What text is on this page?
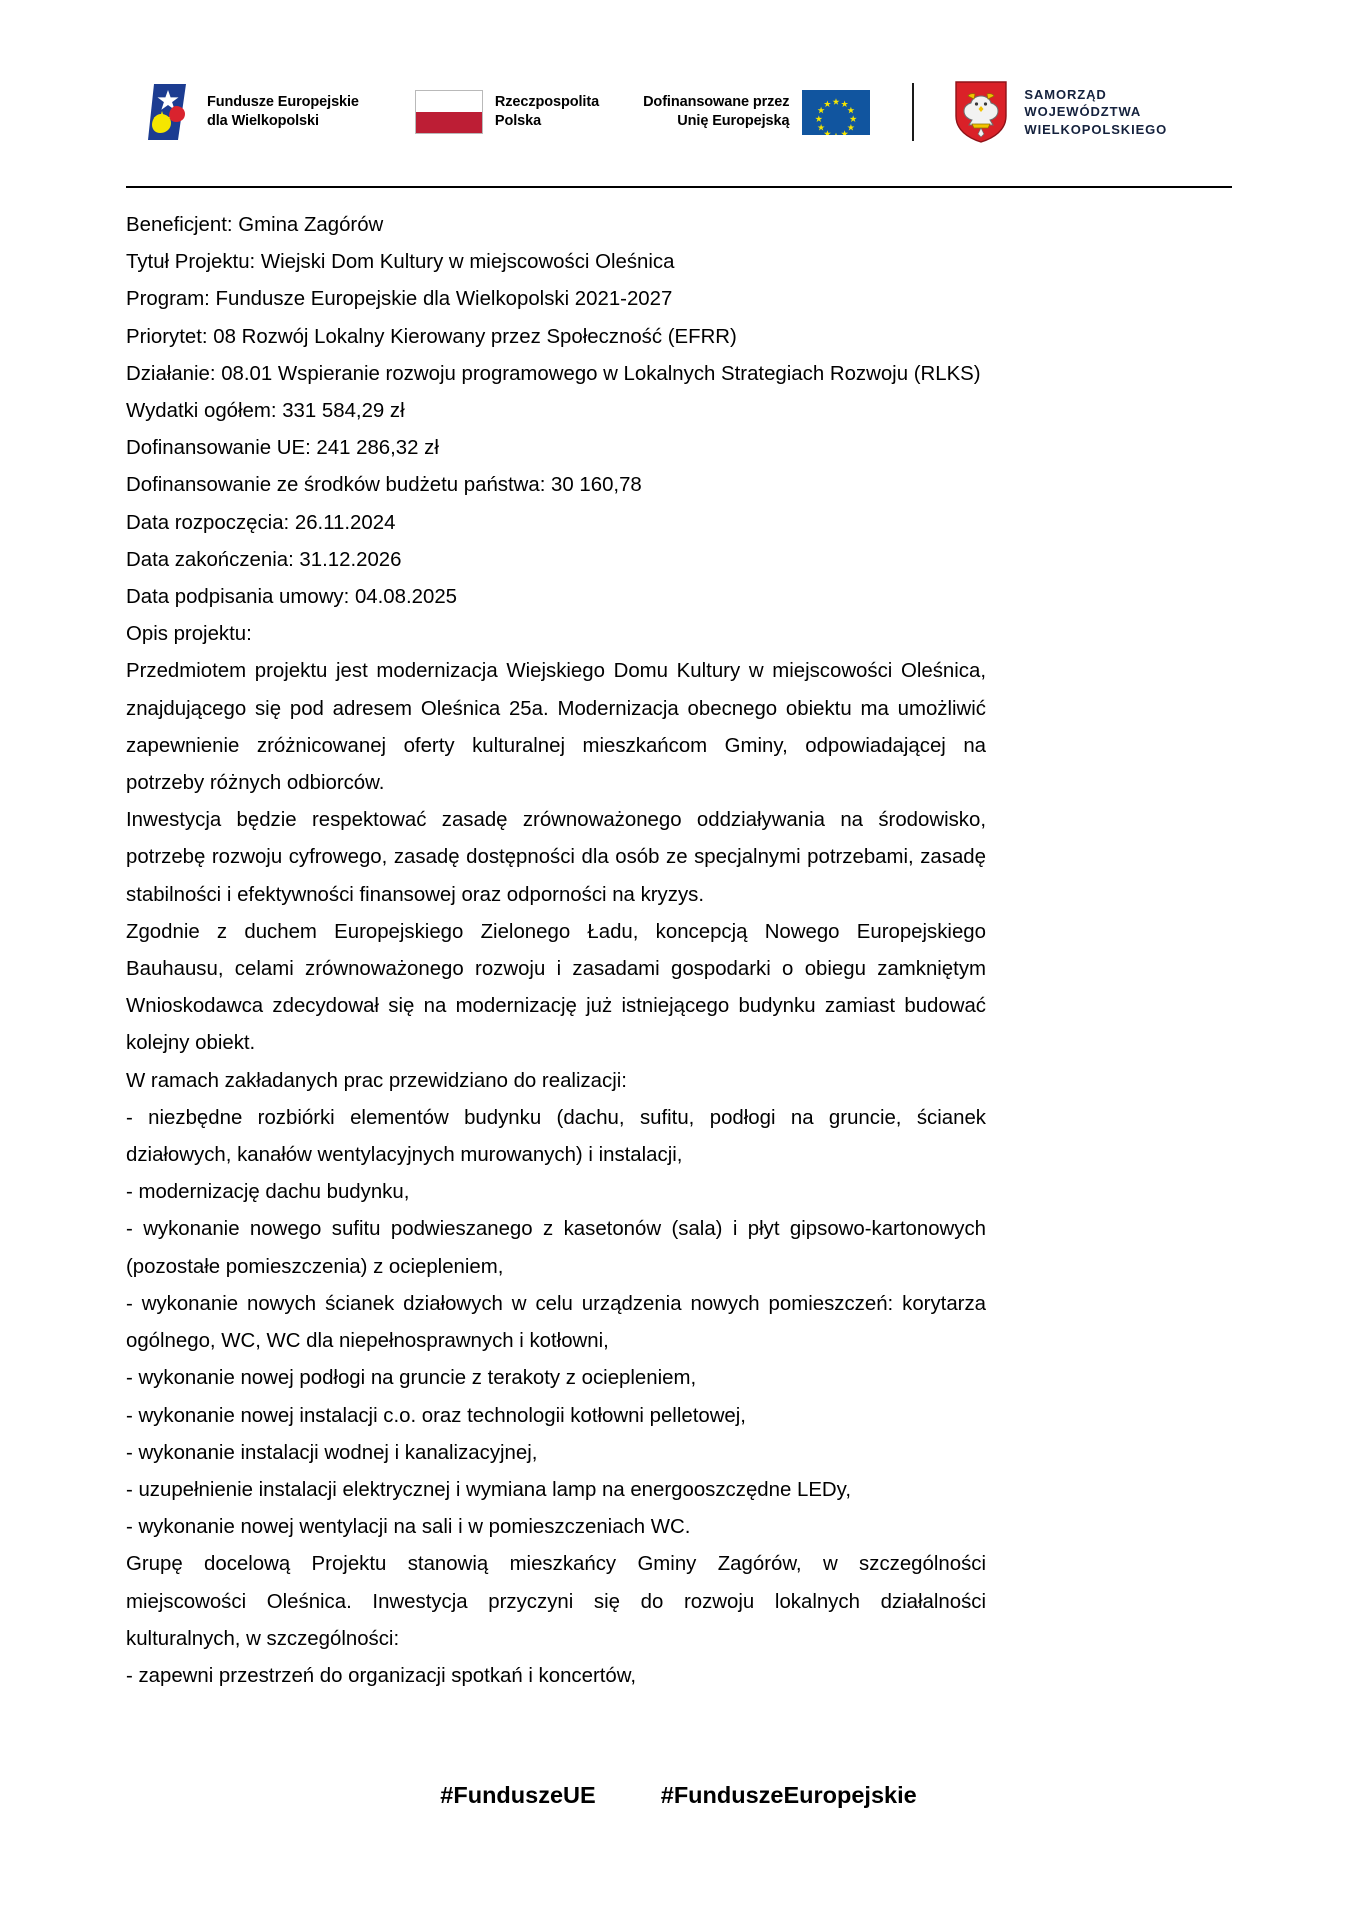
Fundusze Europejskie
dla Wielkopolski
Rzeczpospolita
Polska
Dofinansowane przez
Unię Europejską
SAMORZĄD
WOJEWÓDZTWA
WIELKOPOLSKIEGO

Beneficjent: Gmina Zagórów

Tytuł Projektu: Wiejski Dom Kultury w miejscowości Oleśnica

Program: Fundusze Europejskie dla Wielkopolski 2021-2027

Priorytet: 08 Rozwój Lokalny Kierowany przez Społeczność (EFRR)

Działanie: 08.01 Wspieranie rozwoju programowego w Lokalnych Strategiach Rozwoju (RLKS)

Wydatki ogółem: 331 584,29 zł

Dofinansowanie UE: 241 286,32 zł

Dofinansowanie ze środków budżetu państwa: 30 160,78

Data rozpoczęcia: 26.11.2024

Data zakończenia: 31.12.2026

Data podpisania umowy: 04.08.2025

Opis projektu:

Przedmiotem projektu jest modernizacja Wiejskiego Domu Kultury w miejscowości Oleśnica, znajdującego się pod adresem Oleśnica 25a. Modernizacja obecnego obiektu ma umożliwić zapewnienie zróżnicowanej oferty kulturalnej mieszkańcom Gminy, odpowiadającej na potrzeby różnych odbiorców.

Inwestycja będzie respektować zasadę zrównoważonego oddziaływania na środowisko, potrzebę rozwoju cyfrowego, zasadę dostępności dla osób ze specjalnymi potrzebami, zasadę stabilności i efektywności finansowej oraz odporności na kryzys.

Zgodnie z duchem Europejskiego Zielonego Ładu, koncepcją Nowego Europejskiego Bauhausu, celami zrównoważonego rozwoju i zasadami gospodarki o obiegu zamkniętym Wnioskodawca zdecydował się na modernizację już istniejącego budynku zamiast budować kolejny obiekt.

W ramach zakładanych prac przewidziano do realizacji:

- niezbędne rozbiórki elementów budynku (dachu, sufitu, podłogi na gruncie, ścianek działowych, kanałów wentylacyjnych murowanych) i instalacji,

- modernizację dachu budynku,

- wykonanie nowego sufitu podwieszanego z kasetonów (sala) i płyt gipsowo-kartonowych (pozostałe pomieszczenia) z ociepleniem,

- wykonanie nowych ścianek działowych w celu urządzenia nowych pomieszczeń: korytarza ogólnego, WC, WC dla niepełnosprawnych i kotłowni,

- wykonanie nowej podłogi na gruncie z terakoty z ociepleniem,

- wykonanie nowej instalacji c.o. oraz technologii kotłowni pelletowej,

- wykonanie instalacji wodnej i kanalizacyjnej,

- uzupełnienie instalacji elektrycznej i wymiana lamp na energooszczędne LEDy,

- wykonanie nowej wentylacji na sali i w pomieszczeniach WC.

Grupę docelową Projektu stanowią mieszkańcy Gminy Zagórów, w szczególności miejscowości Oleśnica. Inwestycja przyczyni się do rozwoju lokalnych działalności kulturalnych, w szczególności:

- zapewni przestrzeń do organizacji spotkań i koncertów,

#FunduszeUE	#FunduszeEuropejskie
